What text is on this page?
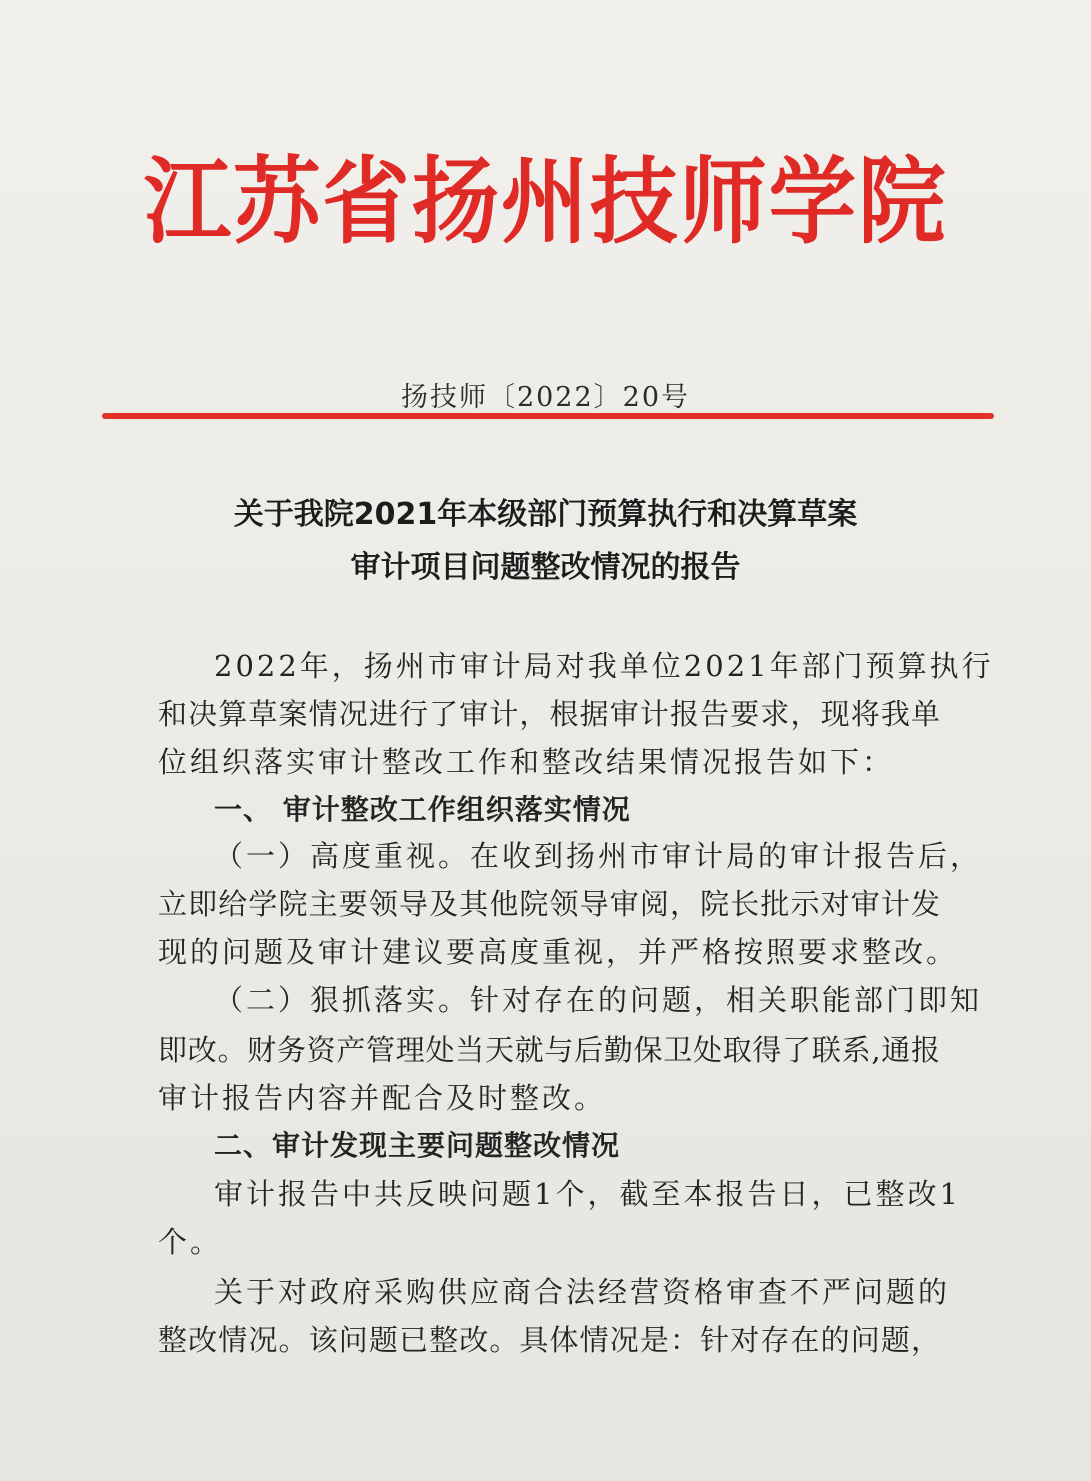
江苏省扬州技师学院
扬技师〔2022〕20号
关于我院2021年本级部门预算执行和决算草案
审计项目问题整改情况的报告
2022年，扬州市审计局对我单位2021年部门预算执行
和决算草案情况进行了审计，根据审计报告要求，现将我单
位组织落实审计整改工作和整改结果情况报告如下：
一、 审计整改工作组织落实情况
（一）高度重视。在收到扬州市审计局的审计报告后，
立即给学院主要领导及其他院领导审阅，院长批示对审计发
现的问题及审计建议要高度重视，并严格按照要求整改。
（二）狠抓落实。针对存在的问题，相关职能部门即知
即改。财务资产管理处当天就与后勤保卫处取得了联系,通报
审计报告内容并配合及时整改。
二、审计发现主要问题整改情况
审计报告中共反映问题1个，截至本报告日，已整改1
个。
关于对政府采购供应商合法经营资格审查不严问题的
整改情况。该问题已整改。具体情况是：针对存在的问题，
